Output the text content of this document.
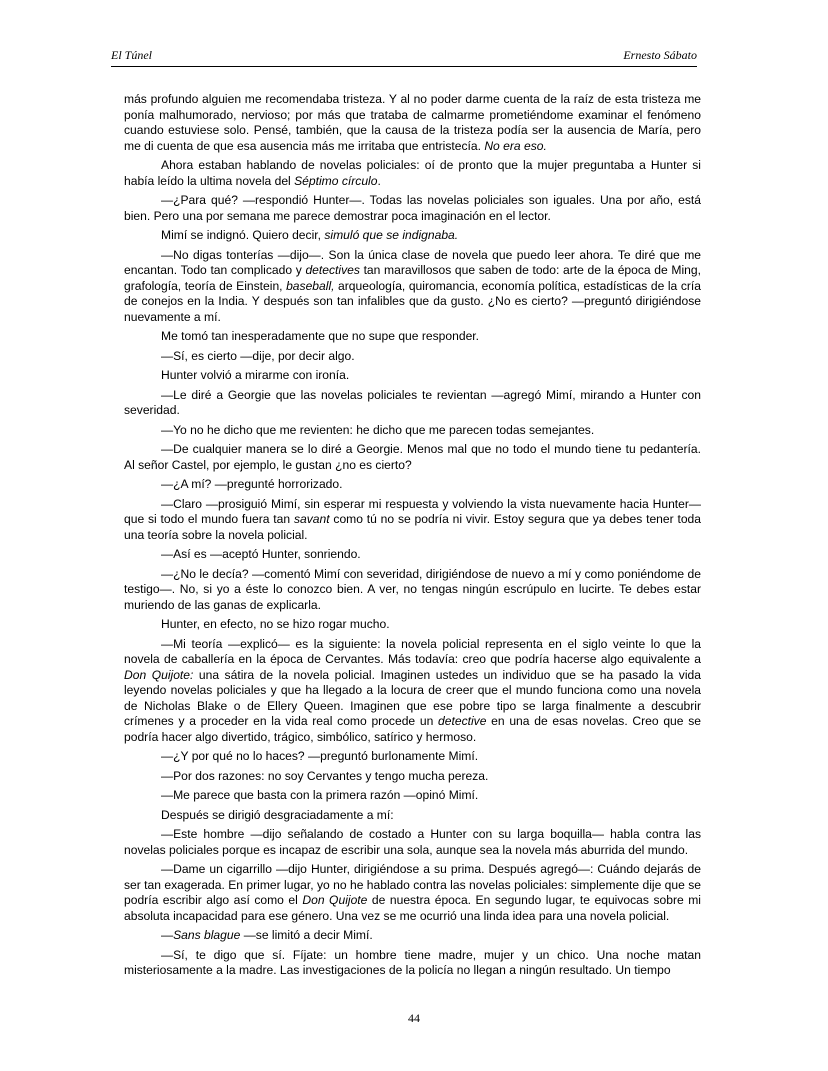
El Túnel	Ernesto Sábato

más profundo alguien me recomendaba tristeza. Y al no poder darme cuenta de la raíz de esta tristeza me ponía malhumorado, nervioso; por más que trataba de calmarme prometiéndome examinar el fenómeno cuando estuviese solo. Pensé, también, que la causa de la tristeza podía ser la ausencia de María, pero me di cuenta de que esa ausencia más me irritaba que entristecía. No era eso.

Ahora estaban hablando de novelas policiales: oí de pronto que la mujer preguntaba a Hunter si había leído la ultima novela del Séptimo círculo.

—¿Para qué? —respondió Hunter—. Todas las novelas policiales son iguales. Una por año, está bien. Pero una por semana me parece demostrar poca imaginación en el lector.

Mimí se indignó. Quiero decir, simuló que se indignaba.

—No digas tonterías —dijo—. Son la única clase de novela que puedo leer ahora. Te diré que me encantan. Todo tan complicado y detectives tan maravillosos que saben de todo: arte de la época de Ming, grafología, teoría de Einstein, baseball, arqueología, quiromancia, economía política, estadísticas de la cría de conejos en la India. Y después son tan infalibles que da gusto. ¿No es cierto? —preguntó dirigiéndose nuevamente a mí.

Me tomó tan inesperadamente que no supe que responder.

—Sí, es cierto —dije, por decir algo.

Hunter volvió a mirarme con ironía.

—Le diré a Georgie que las novelas policiales te revientan —agregó Mimí, mirando a Hunter con severidad.

—Yo no he dicho que me revienten: he dicho que me parecen todas semejantes.

—De cualquier manera se lo diré a Georgie. Menos mal que no todo el mundo tiene tu pedantería. Al señor Castel, por ejemplo, le gustan ¿no es cierto?

—¿A mí? —pregunté horrorizado.

—Claro —prosiguió Mimí, sin esperar mi respuesta y volviendo la vista nuevamente hacia Hunter— que si todo el mundo fuera tan savant como tú no se podría ni vivir. Estoy segura que ya debes tener toda una teoría sobre la novela policial.

—Así es —aceptó Hunter, sonriendo.

—¿No le decía? —comentó Mimí con severidad, dirigiéndose de nuevo a mí y como poniéndome de testigo—. No, si yo a éste lo conozco bien. A ver, no tengas ningún escrúpulo en lucirte. Te debes estar muriendo de las ganas de explicarla.

Hunter, en efecto, no se hizo rogar mucho.

—Mi teoría —explicó— es la siguiente: la novela policial representa en el siglo veinte lo que la novela de caballería en la época de Cervantes. Más todavía: creo que podría hacerse algo equivalente a Don Quijote: una sátira de la novela policial. Imaginen ustedes un individuo que se ha pasado la vida leyendo novelas policiales y que ha llegado a la locura de creer que el mundo funciona como una novela de Nicholas Blake o de Ellery Queen. Imaginen que ese pobre tipo se larga finalmente a descubrir crímenes y a proceder en la vida real como procede un detective en una de esas novelas. Creo que se podría hacer algo divertido, trágico, simbólico, satírico y hermoso.

—¿Y por qué no lo haces? —preguntó burlonamente Mimí.

—Por dos razones: no soy Cervantes y tengo mucha pereza.

—Me parece que basta con la primera razón —opinó Mimí.

Después se dirigió desgraciadamente a mí:

—Este hombre —dijo señalando de costado a Hunter con su larga boquilla— habla contra las novelas policiales porque es incapaz de escribir una sola, aunque sea la novela más aburrida del mundo.

—Dame un cigarrillo —dijo Hunter, dirigiéndose a su prima. Después agregó—: Cuándo dejarás de ser tan exagerada. En primer lugar, yo no he hablado contra las novelas policiales: simplemente dije que se podría escribir algo así como el Don Quijote de nuestra época. En segundo lugar, te equivocas sobre mi absoluta incapacidad para ese género. Una vez se me ocurrió una linda idea para una novela policial.

—Sans blague —se limitó a decir Mimí.

—Sí, te digo que sí. Fíjate: un hombre tiene madre, mujer y un chico. Una noche matan misteriosamente a la madre. Las investigaciones de la policía no llegan a ningún resultado. Un tiempo

44
